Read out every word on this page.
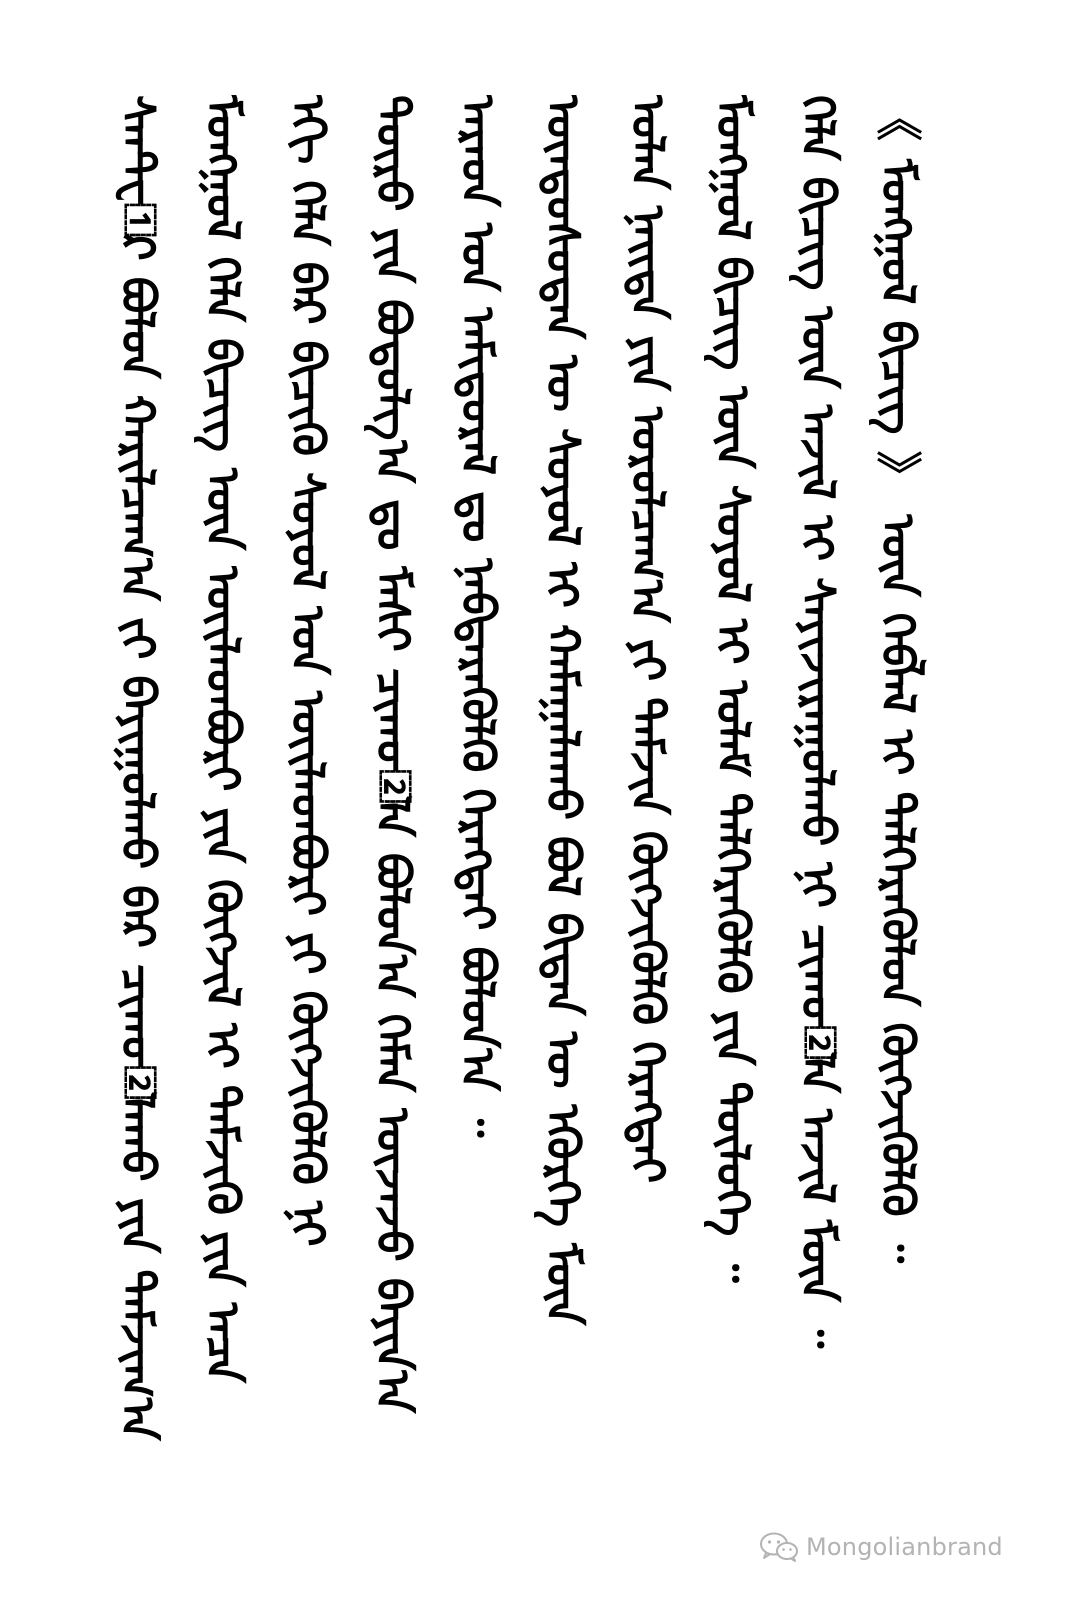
ᠰᠡᠨᠲ᠋ᠧ᠋ᠷ ᠪᠤᠯᠤᠨ ᠬᠠᠷᠢᠯᠴᠠᠭ᠎ᠠ ᠵᠢ ᠪᠠᠶᠢᠭᠤᠯᠬᠤ ᠪᠠᠷ ᠴᠢᠬᠤ᠌ᠯᠠᠬᠤ ᠶᠢᠨ ᠳᠠᠮᠵᠢᠭ᠎ᠠ ᠮᠣᠩᠭᠣᠯ ᠬᠡᠯᠡ ᠪᠢᠴᠢᠭ ᠦᠨ ᠦᠢᠯᠡᠳᠪᠦᠷᠢ ᠶᠢᠨ ᠬᠥᠭᠵᠢᠯ ᠢ ᠳᠡᠮᠵᠢᠬᠦ ᠶᠢᠨ ᠠᠴᠠ ᠡᠬᠢ ᠬᠡᠯᠡ ᠪᠡᠷ ᠪᠢᠴᠢᠬᠦ ᠰᠣᠶᠣᠯ ᠤᠨ ᠦᠢᠯᠡᠳᠪᠦᠷᠢ ᠶᠢ ᠬᠥᠭᠵᠢᠭᠦᠯᠬᠦ ᠨᠢ ᠲᠥᠷᠦ ᠶᠢᠨ ᠪᠣᠳᠣᠯᠭ᠎ᠠ ᠳᠤ ᠮᠠᠰᠢ ᠴᠢᠬᠤ᠌ᠯᠠ ᠪᠣᠯᠤᠨ᠎ᠠ ᠬᠡᠮᠡᠨ ᠦᠵᠡᠵᠦ ᠪᠠᠶᠢᠨ᠎ᠠ ᠠᠷᠠᠳ ᠤᠨ ᠠᠮᠢᠳᠤᠷᠠᠯ ᠳᠤ ᠨᠡᠪᠳᠡᠷᠡᠭᠦᠯᠬᠦ ᠬᠡᠷᠡᠭᠲᠡᠢ ᠪᠣᠯᠤᠨ᠎ᠠ ᠃ ᠦᠨᠳᠦᠰᠦᠲᠡᠨ ᠦ ᠰᠣᠶᠣᠯ ᠢ ᠬᠠᠮᠠᠭᠠᠯᠠᠬᠤ ᠪᠣᠯ ᠪᠢᠳᠡᠨ ᠦ ᠡᠭᠦᠷᠭᠡ ᠮᠥᠨ ᠣᠯᠠᠨ ᠨᠡᠢᠲᠡ ᠶᠢᠨ ᠣᠷᠣᠯᠴᠠᠭ᠎ᠠ ᠶᠢ ᠳᠡᠮᠵᠢᠨ ᠬᠥᠭᠵᠢᠭᠦᠯᠬᠦ ᠬᠡᠷᠡᠭᠲᠡᠢ ᠮᠣᠩᠭᠣᠯ ᠪᠢᠴᠢᠭ ᠦᠨ ᠰᠣᠶᠣᠯ ᠢ ᠤᠯᠠᠮ ᠳᠡᠯᠭᠡᠷᠡᠭᠦᠯᠬᠦ ᠶᠢᠨ ᠲᠥᠯᠥᠭᠡ ᠃ ᠬᠡᠯᠡ ᠪᠢᠴᠢᠭ ᠦᠨ ᠠᠵᠢᠯ ᠢ ᠰᠠᠶᠢᠵᠢᠷᠠᠭᠤᠯᠬᠤ ᠨᠢ ᠴᠢᠬᠤ᠌ᠯᠠ ᠠᠵᠢᠯ ᠮᠥᠨ ᠃ 《 ᠮᠣᠩᠭᠣᠯ ᠪᠢᠴᠢᠭ 》 ᠦᠨ ᠬᠡᠪᠯᠡᠯ ᠢ ᠳᠡᠯᠭᠡᠷᠡᠭᠦᠯᠦᠨ ᠬᠥᠭᠵᠢᠭᠦᠯᠬᠦ ᠃
Mongolianbrand
